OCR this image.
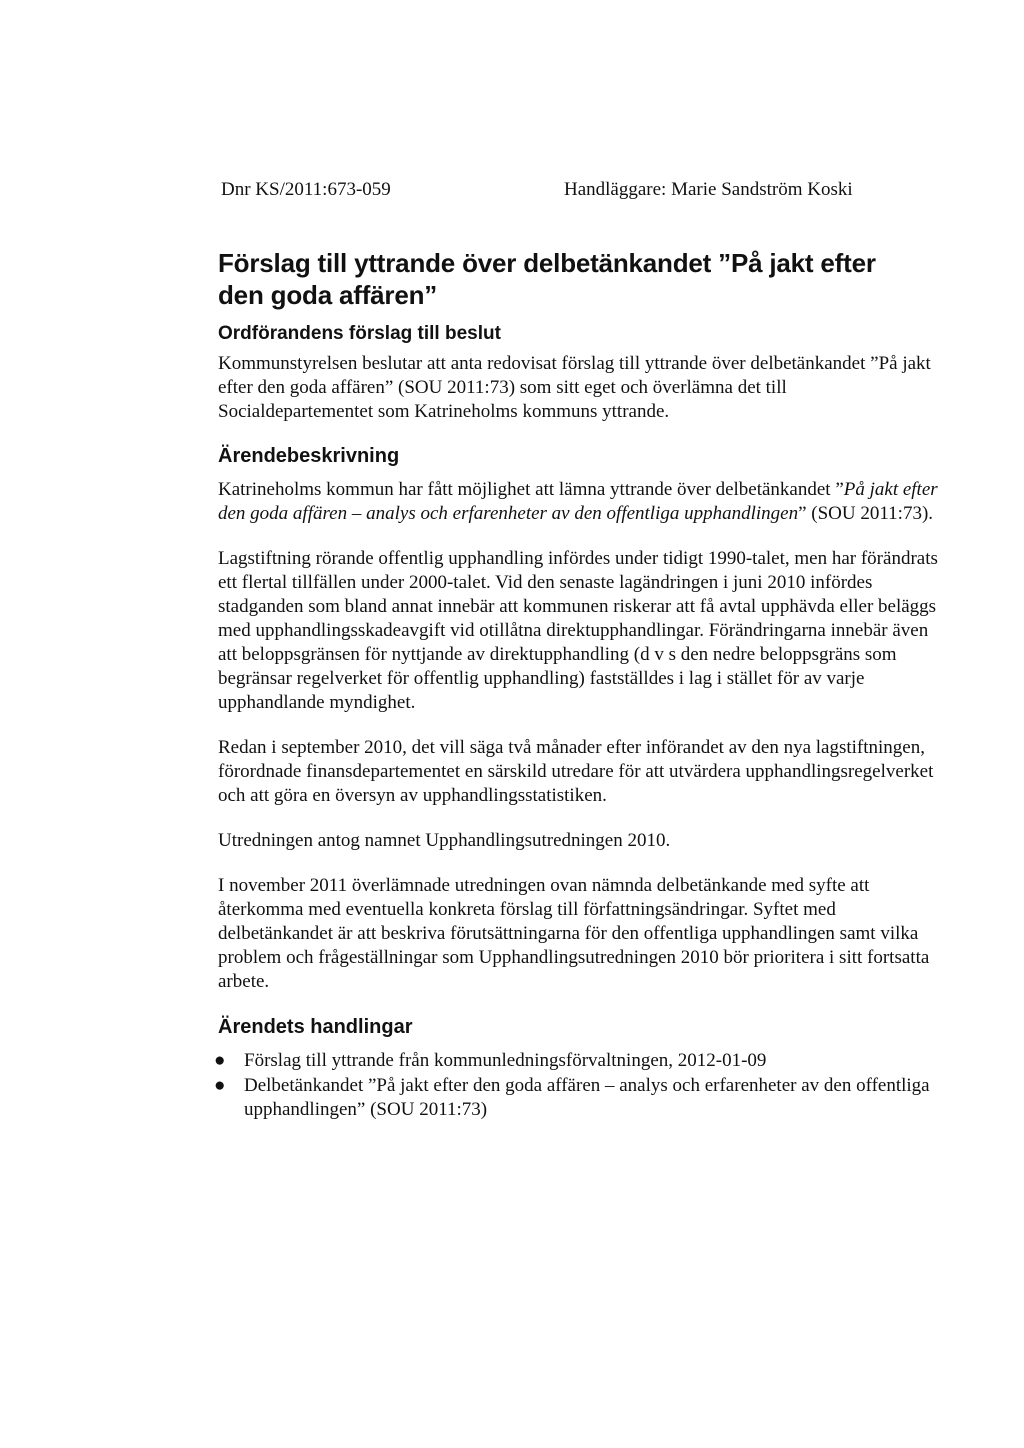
Dnr KS/2011:673-059	Handläggare: Marie Sandström Koski
Förslag till yttrande över delbetänkandet ”På jakt efter
den goda affären”
Ordförandens förslag till beslut

Kommunstyrelsen beslutar att anta redovisat förslag till yttrande över delbetänkandet ”På jakt efter den goda affären” (SOU 2011:73) som sitt eget och överlämna det till Socialdepartementet som Katrineholms kommuns yttrande.

Ärendebeskrivning

Katrineholms kommun har fått möjlighet att lämna yttrande över delbetänkandet ”På jakt efter den goda affären – analys och erfarenheter av den offentliga upphandlingen” (SOU 2011:73).

Lagstiftning rörande offentlig upphandling infördes under tidigt 1990-talet, men har förändrats ett flertal tillfällen under 2000-talet. Vid den senaste lagändringen i juni 2010 infördes stadganden som bland annat innebär att kommunen riskerar att få avtal upphävda eller beläggs med upphandlingsskadeavgift vid otillåtna direktupphandlingar. Förändringarna innebär även att beloppsgränsen för nyttjande av direktupphandling (d v s den nedre beloppsgräns som begränsar regelverket för offentlig upphandling) fastställdes i lag i stället för av varje upphandlande myndighet.

Redan i september 2010, det vill säga två månader efter införandet av den nya lagstiftningen, förordnade finansdepartementet en särskild utredare för att utvärdera upphandlingsregelverket och att göra en översyn av upphandlingsstatistiken.

Utredningen antog namnet Upphandlingsutredningen 2010.

I november 2011 överlämnade utredningen ovan nämnda delbetänkande med syfte att återkomma med eventuella konkreta förslag till författningsändringar. Syftet med delbetänkandet är att beskriva förutsättningarna för den offentliga upphandlingen samt vilka problem och frågeställningar som Upphandlingsutredningen 2010 bör prioritera i sitt fortsatta arbete.

Ärendets handlingar
● Förslag till yttrande från kommunledningsförvaltningen, 2012-01-09
● Delbetänkandet ”På jakt efter den goda affären – analys och erfarenheter av den offentliga upphandlingen” (SOU 2011:73)
